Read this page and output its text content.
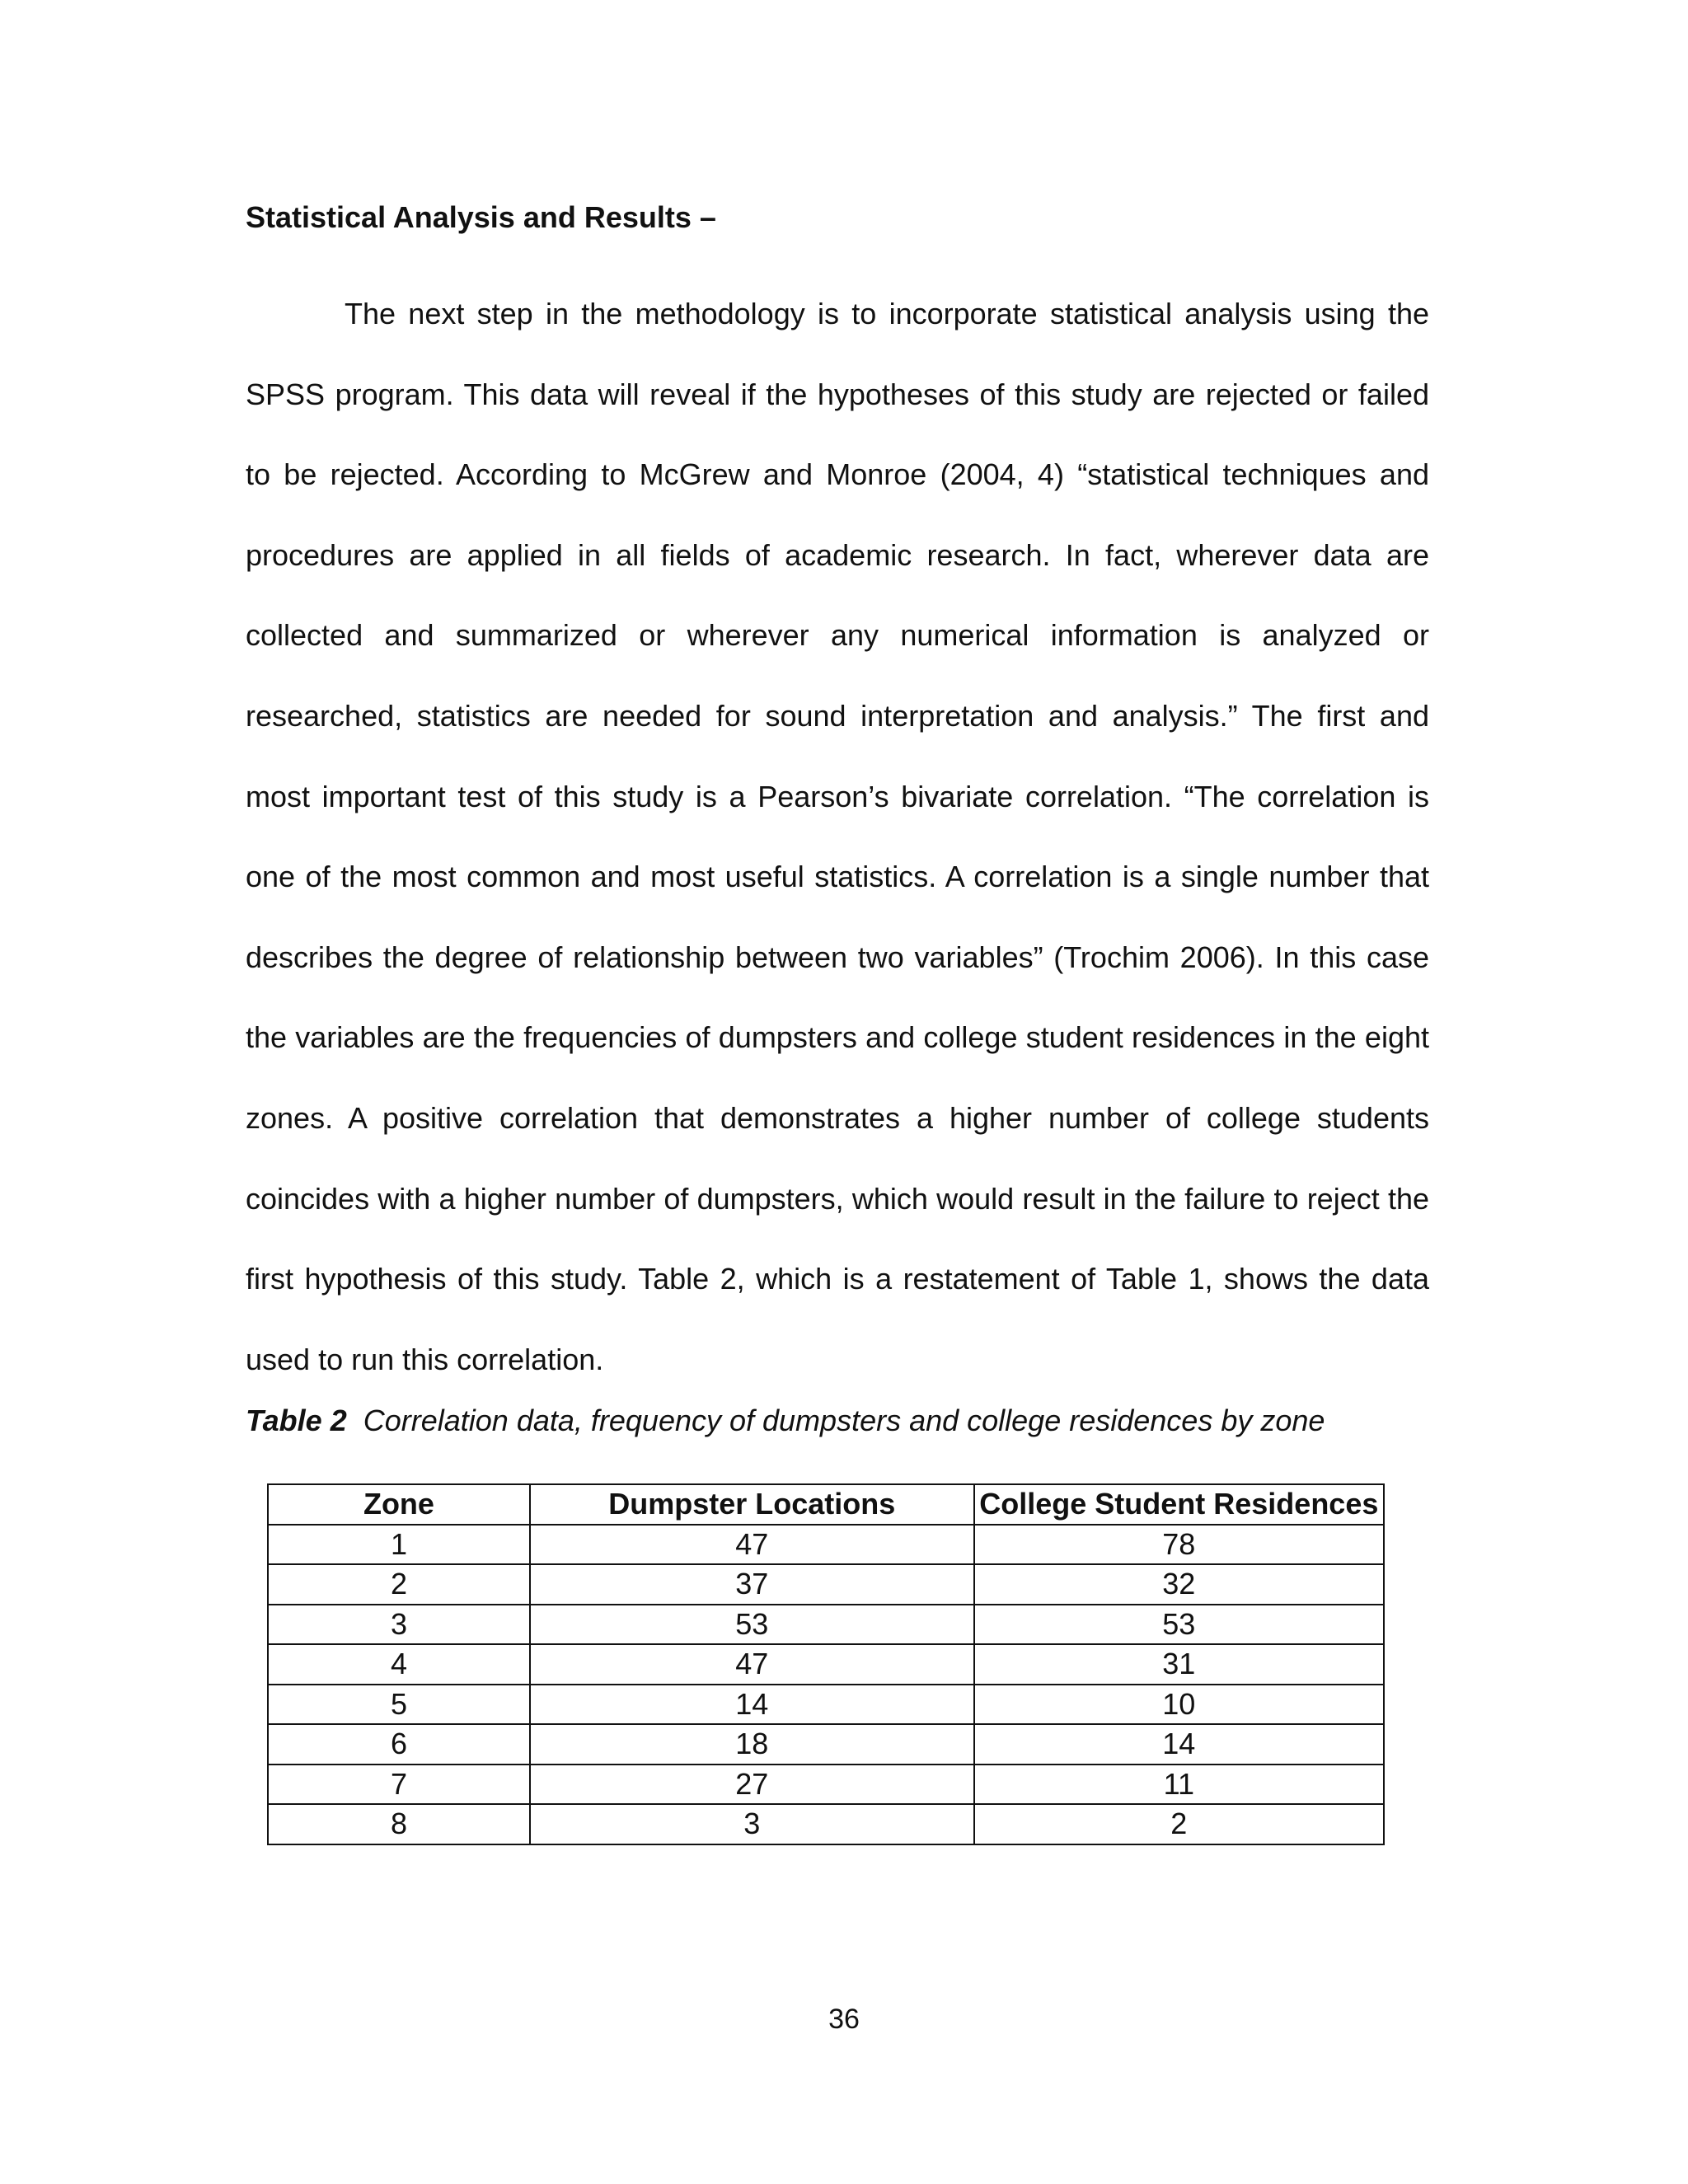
Statistical Analysis and Results –

The next step in the methodology is to incorporate statistical analysis using the SPSS program. This data will reveal if the hypotheses of this study are rejected or failed to be rejected. According to McGrew and Monroe (2004, 4) “statistical techniques and procedures are applied in all fields of academic research. In fact, wherever data are collected and summarized or wherever any numerical information is analyzed or researched, statistics are needed for sound interpretation and analysis.” The first and most important test of this study is a Pearson’s bivariate correlation. “The correlation is one of the most common and most useful statistics. A correlation is a single number that describes the degree of relationship between two variables” (Trochim 2006). In this case the variables are the frequencies of dumpsters and college student residences in the eight zones. A positive correlation that demonstrates a higher number of college students coincides with a higher number of dumpsters, which would result in the failure to reject the first hypothesis of this study. Table 2, which is a restatement of Table 1, shows the data used to run this correlation.

Table 2 Correlation data, frequency of dumpsters and college residences by zone

Zone	Dumpster Locations	College Student Residences
1	47	78
2	37	32
3	53	53
4	47	31
5	14	10
6	18	14
7	27	11
8	3	2

36
